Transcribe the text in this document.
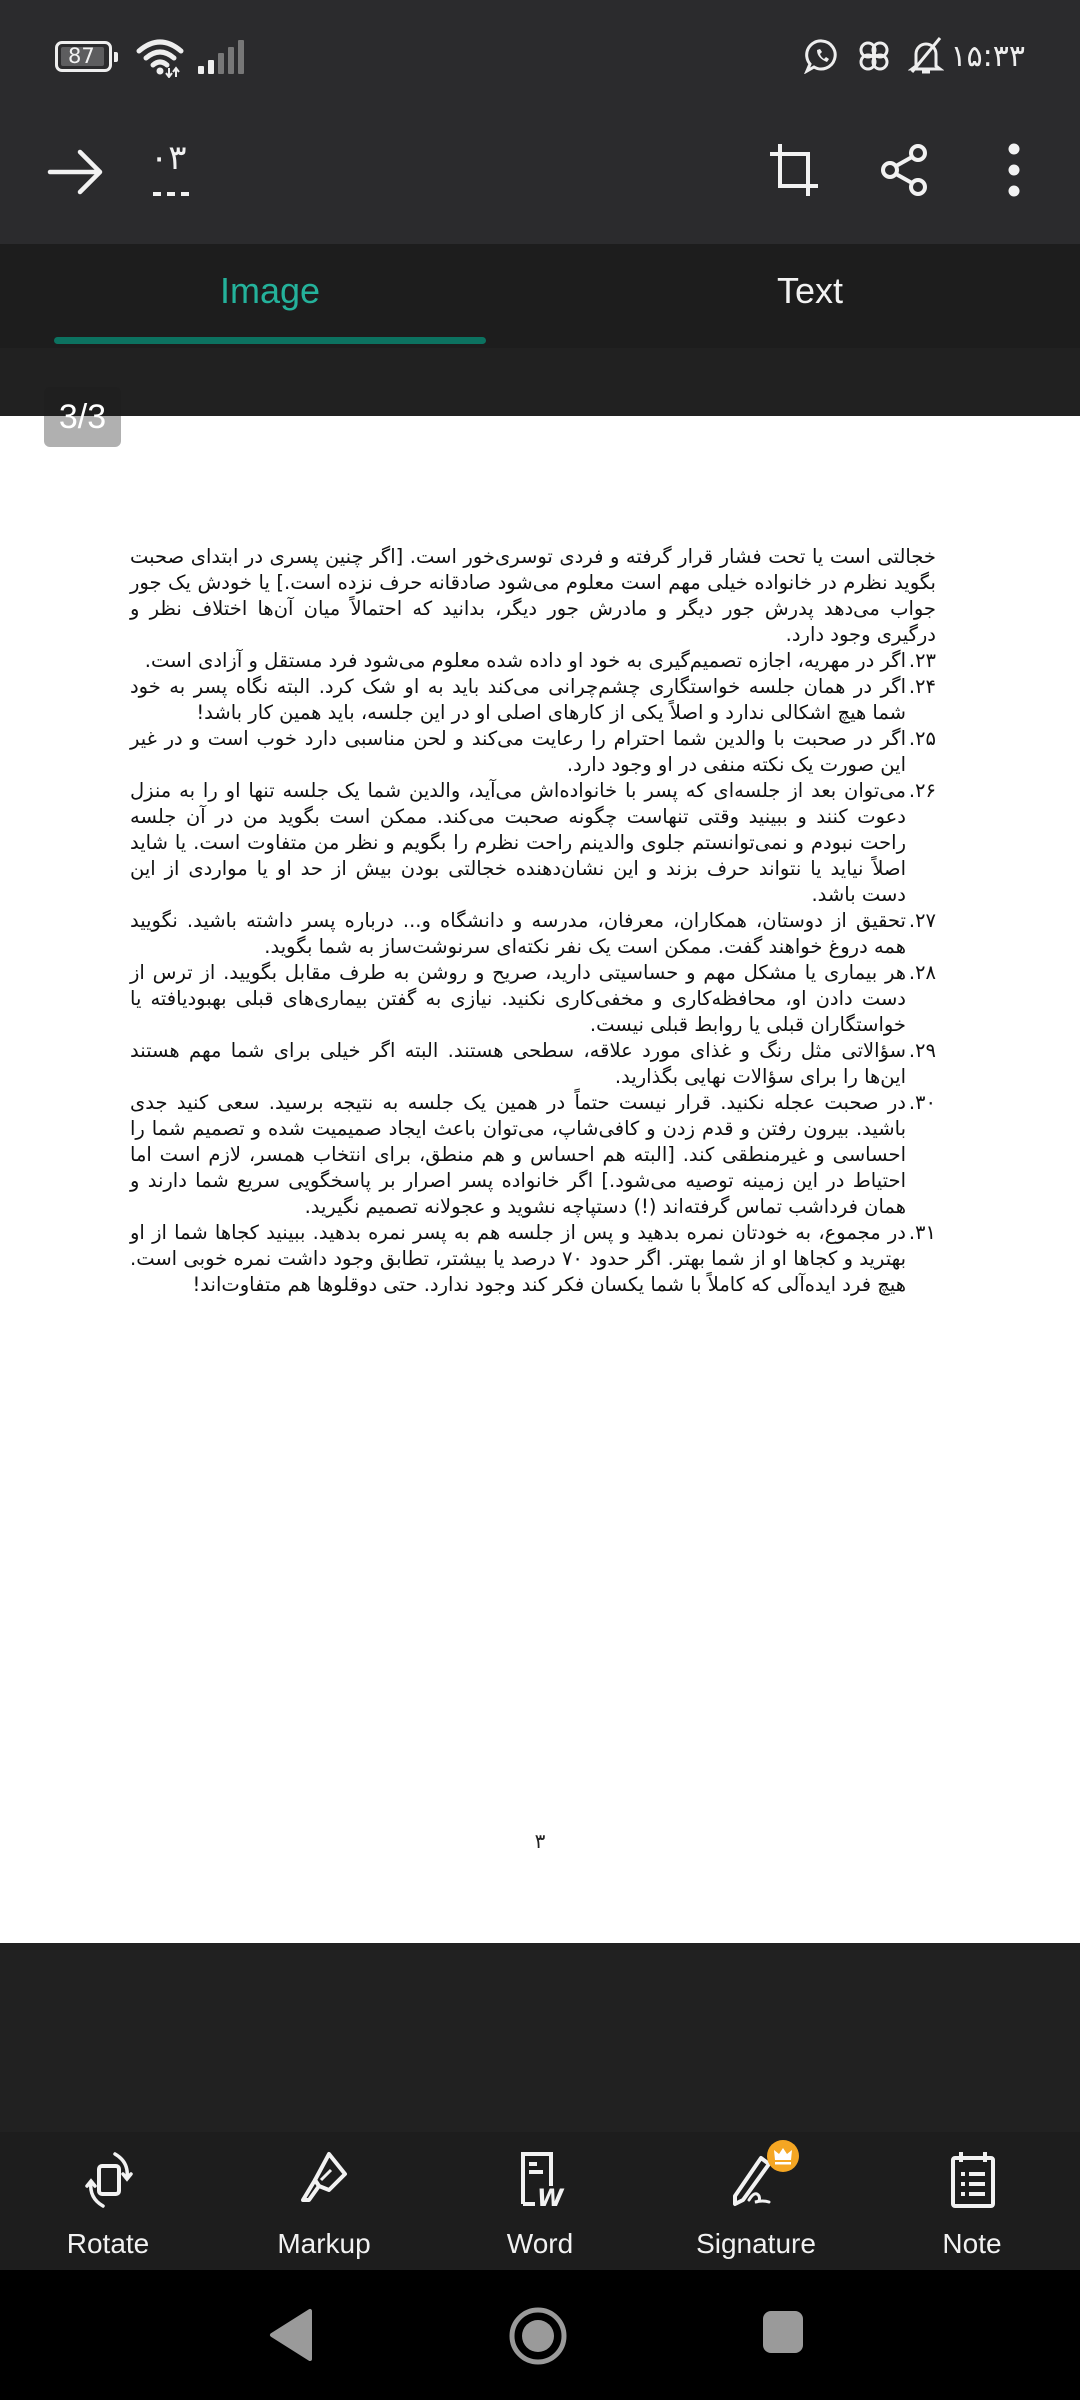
87	۱۵:۳۳
۰۳
Image	Text

خجالتی است یا تحت فشار قرار گرفته و فردی توسری‌خور است. [اگر چنین پسری در ابتدای صحبت بگوید نظرم در خانواده خیلی مهم است معلوم می‌شود صادقانه حرف نزده است.] یا خودش یک جور جواب می‌دهد پدرش جور دیگر و مادرش جور دیگر، بدانید که احتمالاً میان آن‌ها اختلاف نظر و درگیری وجود دارد.

۲۳.
اگر در مهریه، اجازه تصمیم‌گیری به خود او داده شده معلوم می‌شود فرد مستقل و آزادی است.

۲۴.
اگر در همان جلسه خواستگاری چشم‌چرانی می‌کند باید به او شک کرد. البته نگاه پسر به خود شما هیچ اشکالی ندارد و اصلاً یکی از کارهای اصلی او در این جلسه، باید همین کار باشد!

۲۵.
اگر در صحبت با والدین شما احترام را رعایت می‌کند و لحن مناسبی دارد خوب است و در غیر این صورت یک نکته منفی در او وجود دارد.

۲۶.
می‌توان بعد از جلسه‌ای که پسر با خانواده‌اش می‌آید، والدین شما یک جلسه تنها او را به منزل دعوت کنند و ببینید وقتی تنهاست چگونه صحبت می‌کند. ممکن است بگوید من در آن جلسه راحت نبودم و نمی‌توانستم جلوی والدینم راحت نظرم را بگویم و نظر من متفاوت است. یا شاید اصلاً نیاید یا نتواند حرف بزند و این نشان‌دهنده خجالتی بودن بیش از حد او یا مواردی از این دست باشد.

۲۷.
تحقیق از دوستان، همکاران، معرفان، مدرسه و دانشگاه و... درباره پسر داشته باشید. نگویید همه دروغ خواهند گفت. ممکن است یک نفر نکته‌ای سرنوشت‌ساز به شما بگوید.

۲۸.
هر بیماری یا مشکل مهم و حساسیتی دارید، صریح و روشن به طرف مقابل بگویید. از ترس از دست دادن او، محافظه‌کاری و مخفی‌کاری نکنید. نیازی به گفتن بیماری‌های قبلی بهبودیافته یا خواستگاران قبلی یا روابط قبلی نیست.

۲۹.
سؤالاتی مثل رنگ و غذای مورد علاقه، سطحی هستند. البته اگر خیلی برای شما مهم هستند این‌ها را برای سؤالات نهایی بگذارید.

۳۰.
در صحبت عجله نکنید. قرار نیست حتماً در همین یک جلسه به نتیجه برسید. سعی کنید جدی باشید. بیرون رفتن و قدم زدن و کافی‌شاپ، می‌توان باعث ایجاد صمیمیت شده و تصمیم شما را احساسی و غیرمنطقی کند. [البته هم احساس و هم منطق، برای انتخاب همسر، لازم است اما احتیاط در این زمینه توصیه می‌شود.] اگر خانواده پسر اصرار بر پاسخگویی سریع شما دارند و همان فرداشب تماس گرفته‌اند (!) دستپاچه نشوید و عجولانه تصمیم نگیرید.

۳۱.
در مجموع، به خودتان نمره بدهید و پس از جلسه هم به پسر نمره بدهید. ببینید کجاها شما از او بهترید و کجاها او از شما بهتر. اگر حدود ۷۰ درصد یا بیشتر، تطابق وجود داشت نمره خوبی است. هیچ فرد ایده‌آلی که کاملاً با شما یکسان فکر کند وجود ندارد. حتی دوقلوها هم متفاوت‌اند!

۳
3/3
Rotate	Markup
W
Word	Signature	Note
